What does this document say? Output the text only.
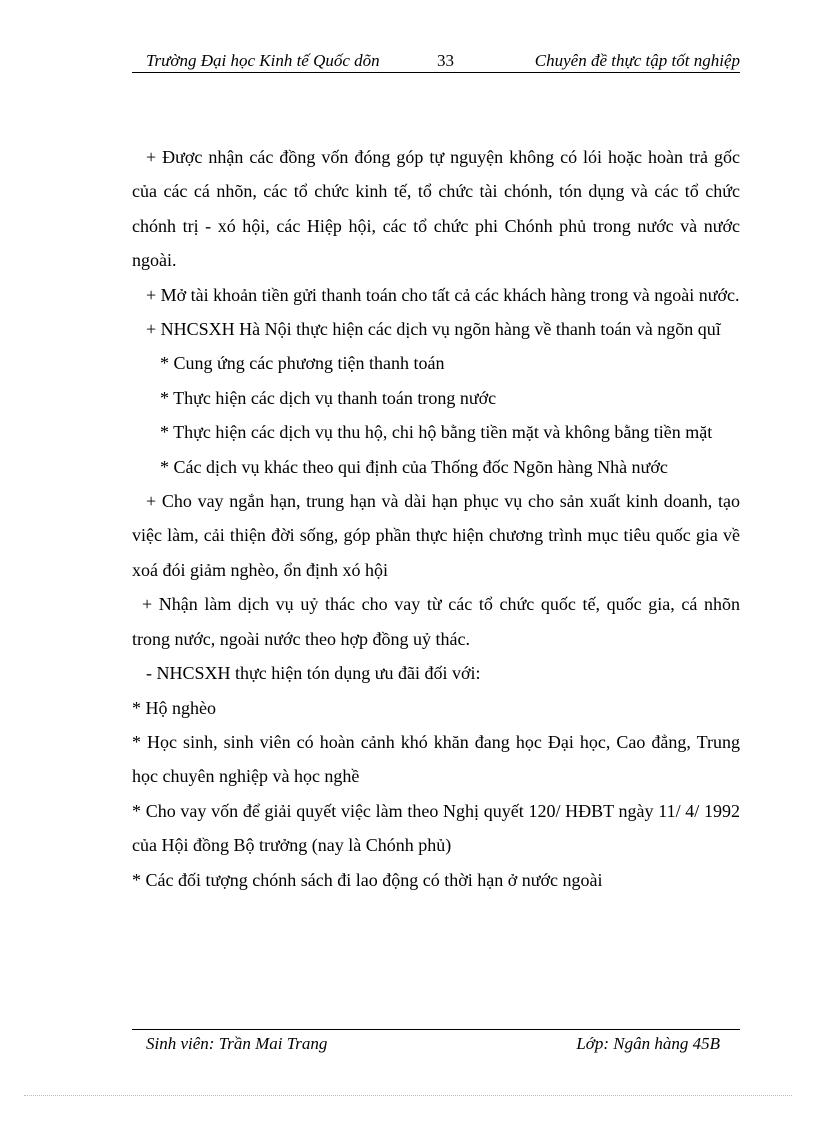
Trường Đại học Kinh tế Quốc dõn	33	Chuyên đề thực tập tốt nghiệp

+ Được nhận các đồng vốn đóng góp tự nguyện không có lói hoặc hoàn trả gốc của các cá nhõn, các tổ chức kinh tế, tổ chức tài chónh, tón dụng và các tổ chức chónh trị - xó hội, các Hiệp hội, các tổ chức phi Chónh phủ trong nước và nước ngoài.

+ Mở tài khoản tiền gửi thanh toán cho tất cả các khách hàng trong và ngoài nước.

+ NHCSXH Hà Nội thực hiện các dịch vụ ngõn hàng về thanh toán và ngõn quĩ

* Cung ứng các phương tiện thanh toán

* Thực hiện các dịch vụ thanh toán trong nước

* Thực hiện các dịch vụ thu hộ, chi hộ bằng tiền mặt và không bằng tiền mặt

* Các dịch vụ khác theo qui định của Thống đốc Ngõn hàng Nhà nước

+ Cho vay ngắn hạn, trung hạn và dài hạn phục vụ cho sản xuất kinh doanh, tạo việc làm, cải thiện đời sống, góp phần thực hiện chương trình mục tiêu quốc gia về xoá đói giảm nghèo, ổn định xó hội

+ Nhận làm dịch vụ uỷ thác cho vay từ các tổ chức quốc tế, quốc gia, cá nhõn trong nước, ngoài nước theo hợp đồng uỷ thác.

- NHCSXH thực hiện tón dụng ưu đãi đối với:

* Hộ nghèo

* Học sinh, sinh viên có hoàn cảnh khó khăn đang học Đại học, Cao đẳng, Trung học chuyên nghiệp và học nghề

* Cho vay vốn để giải quyết việc làm theo Nghị quyết 120/ HĐBT ngày 11/ 4/ 1992 của Hội đồng Bộ trưởng (nay là Chónh phủ)

* Các đối tượng chónh sách đi lao động có thời hạn ở nước ngoài

Sinh viên: Trần Mai Trang	Lớp: Ngân hàng 45B
